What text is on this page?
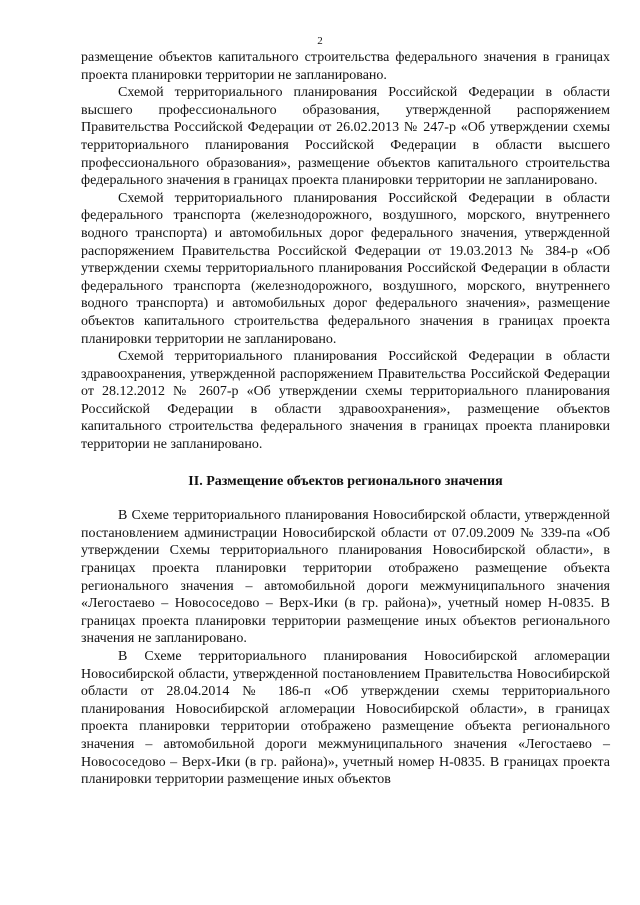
2

размещение объектов капитального строительства федерального значения в границах проекта планировки территории не запланировано.

Схемой территориального планирования Российской Федерации в области высшего профессионального образования, утвержденной распоряжением Правительства Российской Федерации от 26.02.2013 № 247-р «Об утверждении схемы территориального планирования Российской Федерации в области высшего профессионального образования», размещение объектов капитального строительства федерального значения в границах проекта планировки территории не запланировано.

Схемой территориального планирования Российской Федерации в области федерального транспорта (железнодорожного, воздушного, морского, внутреннего водного транспорта) и автомобильных дорог федерального значения, утвержденной распоряжением Правительства Российской Федерации от 19.03.2013 № 384-р «Об утверждении схемы территориального планирования Российской Федерации в области федерального транспорта (железнодорожного, воздушного, морского, внутреннего водного транспорта) и автомобильных дорог федерального значения», размещение объектов капитального строительства федерального значения в границах проекта планировки территории не запланировано.

Схемой территориального планирования Российской Федерации в области здравоохранения, утвержденной распоряжением Правительства Российской Федерации от 28.12.2012 № 2607-р «Об утверждении схемы территориального планирования Российской Федерации в области здравоохранения», размещение объектов капитального строительства федерального значения в границах проекта планировки территории не запланировано.

II. Размещение объектов регионального значения

В Схеме территориального планирования Новосибирской области, утвержденной постановлением администрации Новосибирской области от 07.09.2009 № 339-па «Об утверждении Схемы территориального планирования Новосибирской области», в границах проекта планировки территории отображено размещение объекта регионального значения – автомобильной дороги межмуниципального значения «Легостаево – Новососедово – Верх-Ики (в гр. района)», учетный номер Н-0835. В границах проекта планировки территории размещение иных объектов регионального значения не запланировано.

В Схеме территориального планирования Новосибирской агломерации Новосибирской области, утвержденной постановлением Правительства Новосибирской области от 28.04.2014 № 186-п «Об утверждении схемы территориального планирования Новосибирской агломерации Новосибирской области», в границах проекта планировки территории отображено размещение объекта регионального значения – автомобильной дороги межмуниципального значения «Легостаево – Новососедово – Верх-Ики (в гр. района)», учетный номер Н-0835. В границах проекта планировки территории размещение иных объектов
